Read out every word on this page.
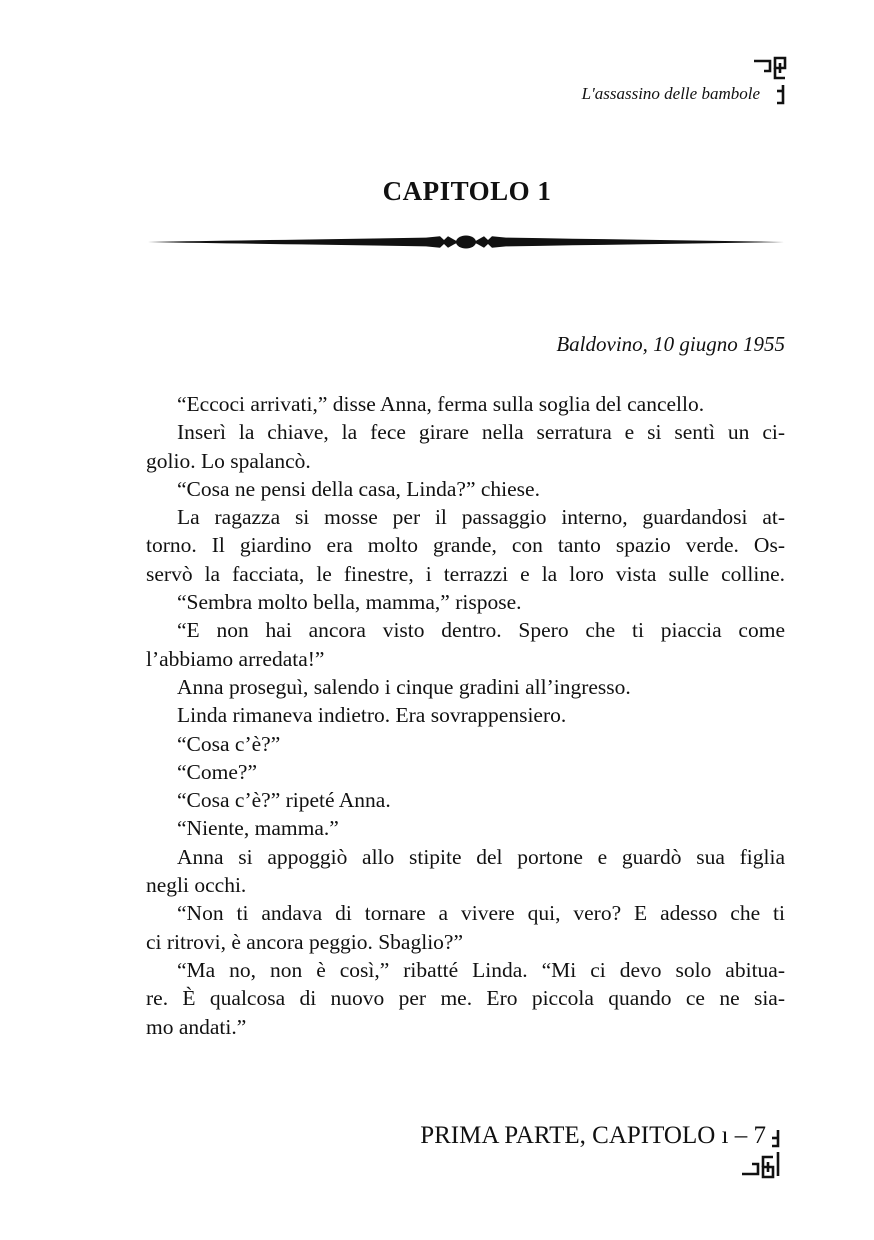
L'assassino delle bambole
CAPITOLO 1
Baldovino, 10 giugno 1955
“Eccoci arrivati,” disse Anna, ferma sulla soglia del cancello.
Inserì la chiave, la fece girare nella serratura e si sentì un ci-
golio. Lo spalancò.
“Cosa ne pensi della casa, Linda?” chiese.
La ragazza si mosse per il passaggio interno, guardandosi at-
torno. Il giardino era molto grande, con tanto spazio verde. Os-
servò la facciata, le finestre, i terrazzi e la loro vista sulle colline.
“Sembra molto bella, mamma,” rispose.
“E non hai ancora visto dentro. Spero che ti piaccia come
l’abbiamo arredata!”
Anna proseguì, salendo i cinque gradini all’ingresso.
Linda rimaneva indietro. Era sovrappensiero.
“Cosa c’è?”
“Come?”
“Cosa c’è?” ripeté Anna.
“Niente, mamma.”
Anna si appoggiò allo stipite del portone e guardò sua figlia
negli occhi.
“Non ti andava di tornare a vivere qui, vero? E adesso che ti
ci ritrovi, è ancora peggio. Sbaglio?”
“Ma no, non è così,” ribatté Linda. “Mi ci devo solo abitua-
re. È qualcosa di nuovo per me. Ero piccola quando ce ne sia-
mo andati.”
PRIMA PARTE, CAPITOLO ı – 7
